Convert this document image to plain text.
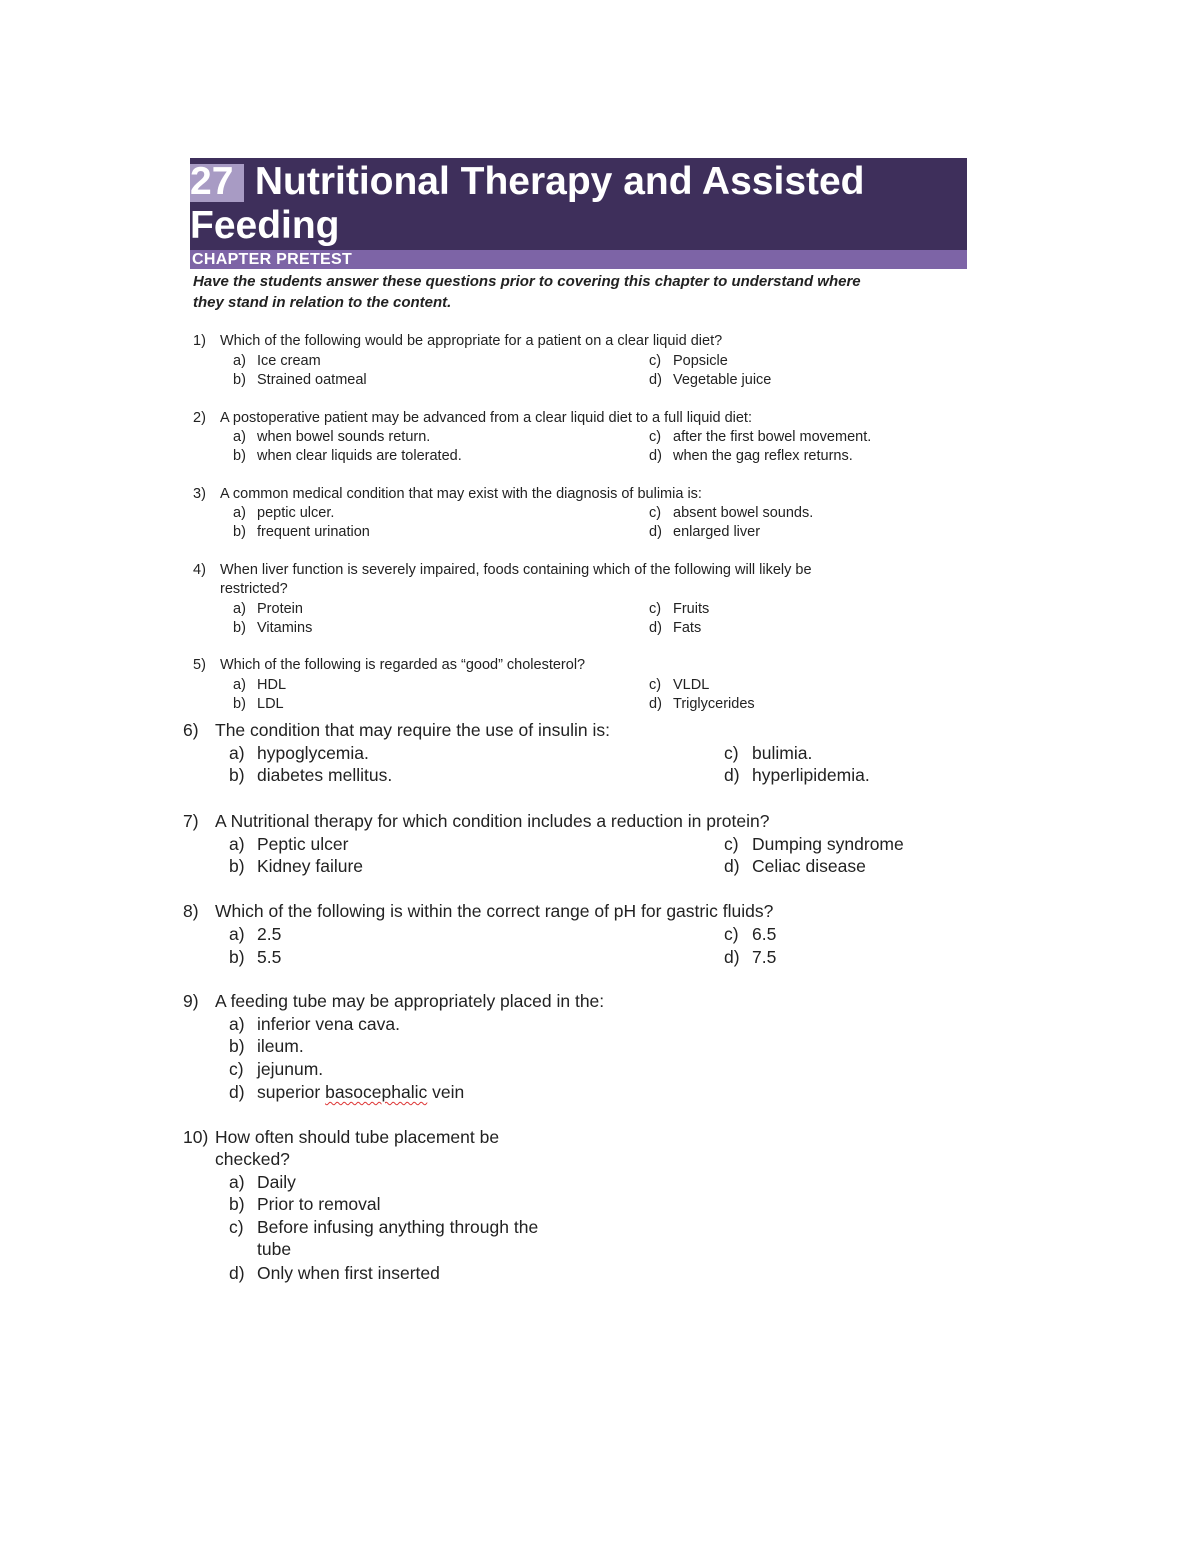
27 Nutritional Therapy and Assisted
Feeding
CHAPTER PRETEST
Have the students answer these questions prior to covering this chapter to understand where
they stand in relation to the content.
1) Which of the following would be appropriate for a patient on a clear liquid diet?
a) Ice cream
b) Strained oatmeal
c) Popsicle
d) Vegetable juice
2) A postoperative patient may be advanced from a clear liquid diet to a full liquid diet:
a) when bowel sounds return.
b) when clear liquids are tolerated.
c) after the first bowel movement.
d) when the gag reflex returns.
3) A common medical condition that may exist with the diagnosis of bulimia is:
a) peptic ulcer.
b) frequent urination
c) absent bowel sounds.
d) enlarged liver
4) When liver function is severely impaired, foods containing which of the following will likely be
restricted?
a) Protein
b) Vitamins
c) Fruits
d) Fats
5) Which of the following is regarded as “good” cholesterol?
a) HDL
b) LDL
c) VLDL
d) Triglycerides
6) The condition that may require the use of insulin is:
a) hypoglycemia.
b) diabetes mellitus.
c) bulimia.
d) hyperlipidemia.
7) A Nutritional therapy for which condition includes a reduction in protein?
a) Peptic ulcer
b) Kidney failure
c) Dumping syndrome
d) Celiac disease
8) Which of the following is within the correct range of pH for gastric fluids?
a) 2.5
b) 5.5
c) 6.5
d) 7.5
9) A feeding tube may be appropriately placed in the:
a) inferior vena cava.
b) ileum.
c) jejunum.
d) superior basocephalic vein
10) How often should tube placement be
checked?
a) Daily
b) Prior to removal
c) Before infusing anything through the
tube
d) Only when first inserted
